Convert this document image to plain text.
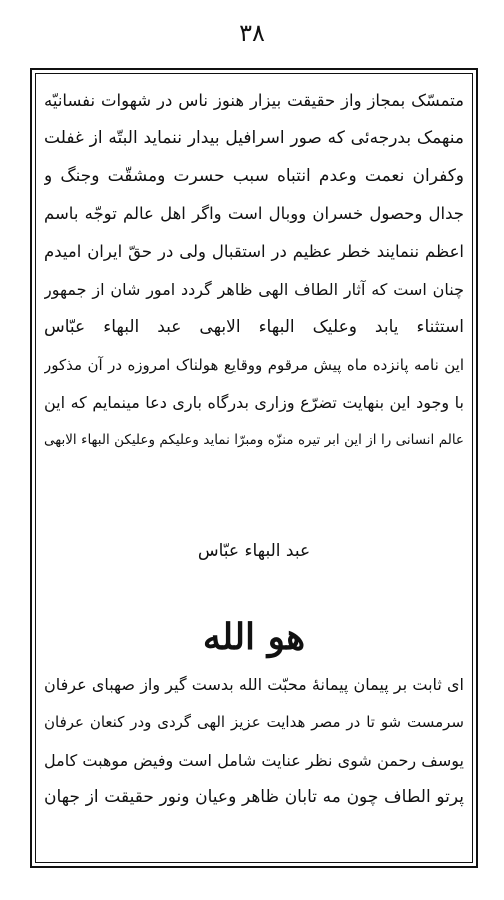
٣٨
متمسّک بمجاز واز حقیقت بیزار هنوز ناس در شهوات نفسانیّه
منهمک بدرجه‌ئی که صور اسرافیل بیدار ننماید البتّه از غفلت
وکفران نعمت وعدم انتباه سبب حسرت ومشقّت وجنگ و
جدال وحصول خسران ووبال است واگر اهل عالم توجّه باسم
اعظم ننمایند خطر عظیم در استقبال ولی در حقّ ایران امیدم
چنان است که آثار الطاف الهی ظاهر گردد امور شان از جمهور
استثناء یابد وعلیک البهاء الابهی عبد البهاء عبّاس
این نامه پانزده ماه پیش مرقوم ووقایع هولناک امروزه در آن مذکور
با وجود این بنهایت تضرّع وزاری بدرگاه باری دعا مینمایم که این
عالم انسانی را از این ابر تیره منزّه ومبرّا نماید وعلیکم وعلیکن البهاء الابهی
عبد البهاء عبّاس
هو الله
ای ثابت بر پیمان پیمانهٔ محبّت الله بدست گیر واز صهبای عرفان
سرمست شو تا در مصر هدایت عزیز الهی گردی ودر کنعان عرفان
یوسف رحمن شوی نظر عنایت شامل است وفیض موهبت کامل
پرتو الطاف چون مه تابان ظاهر وعیان ونور حقیقت از جهان
